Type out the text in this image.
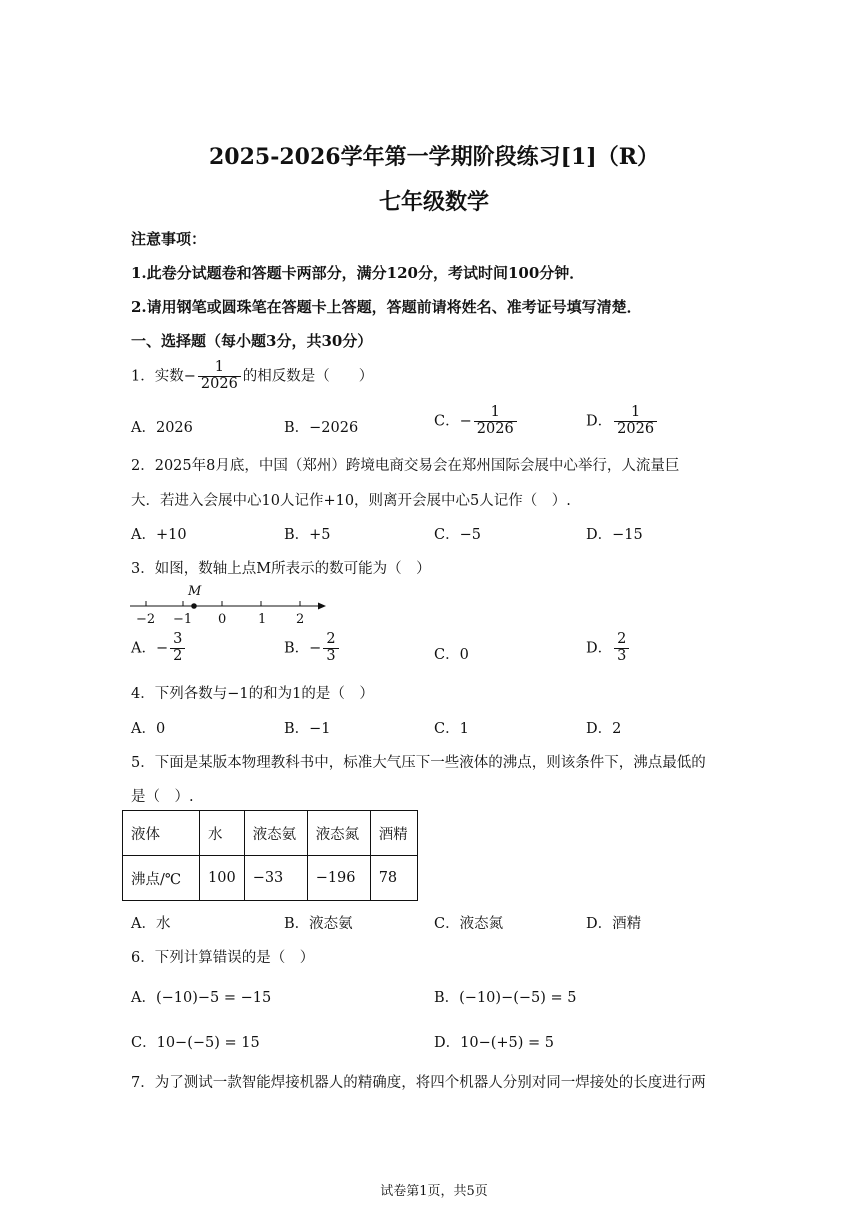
2025-2026学年第一学期阶段练习[1]（R）
七年级数学
注意事项：
1.此卷分试题卷和答题卡两部分，满分120分，考试时间100分钟．
2.请用钢笔或圆珠笔在答题卡上答题，答题前请将姓名、准考证号填写清楚．
一、选择题（每小题3分，共30分）
1．实数− $\frac{1}{2026}$ 的相反数是（　　）
A．2026	B．−2026	C．− $\frac{1}{2026}$	D． $\frac{1}{2026}$
2．2025年8月底，中国（郑州）跨境电商交易会在郑州国际会展中心举行，人流量巨
大．若进入会展中心10人记作+10，则离开会展中心5人记作（　）.
A．+10	B．+5	C．−5	D．−15
3．如图，数轴上点M所表示的数可能为（　）
M
−2 −1 0 1 2
A．− $\frac{3}{2}$	B．− $\frac{2}{3}$	C．0	D． $\frac{2}{3}$
4．下列各数与−1的和为1的是（　）
A．0	B．−1	C．1	D．2
5．下面是某版本物理教科书中，标准大气压下一些液体的沸点，则该条件下，沸点最低的
是（　）.
液体	水	液态氨	液态氮	酒精
沸点/℃	100	−33	−196	78
A．水	B．液态氨	C．液态氮	D．酒精
6．下列计算错误的是（　）
A．(−10)−5 = −15	B．(−10)−(−5) = 5
C．10−(−5) = 15	D．10−(+5) = 5
7．为了测试一款智能焊接机器人的精确度，将四个机器人分别对同一焊接处的长度进行两
试卷第1页，共5页
